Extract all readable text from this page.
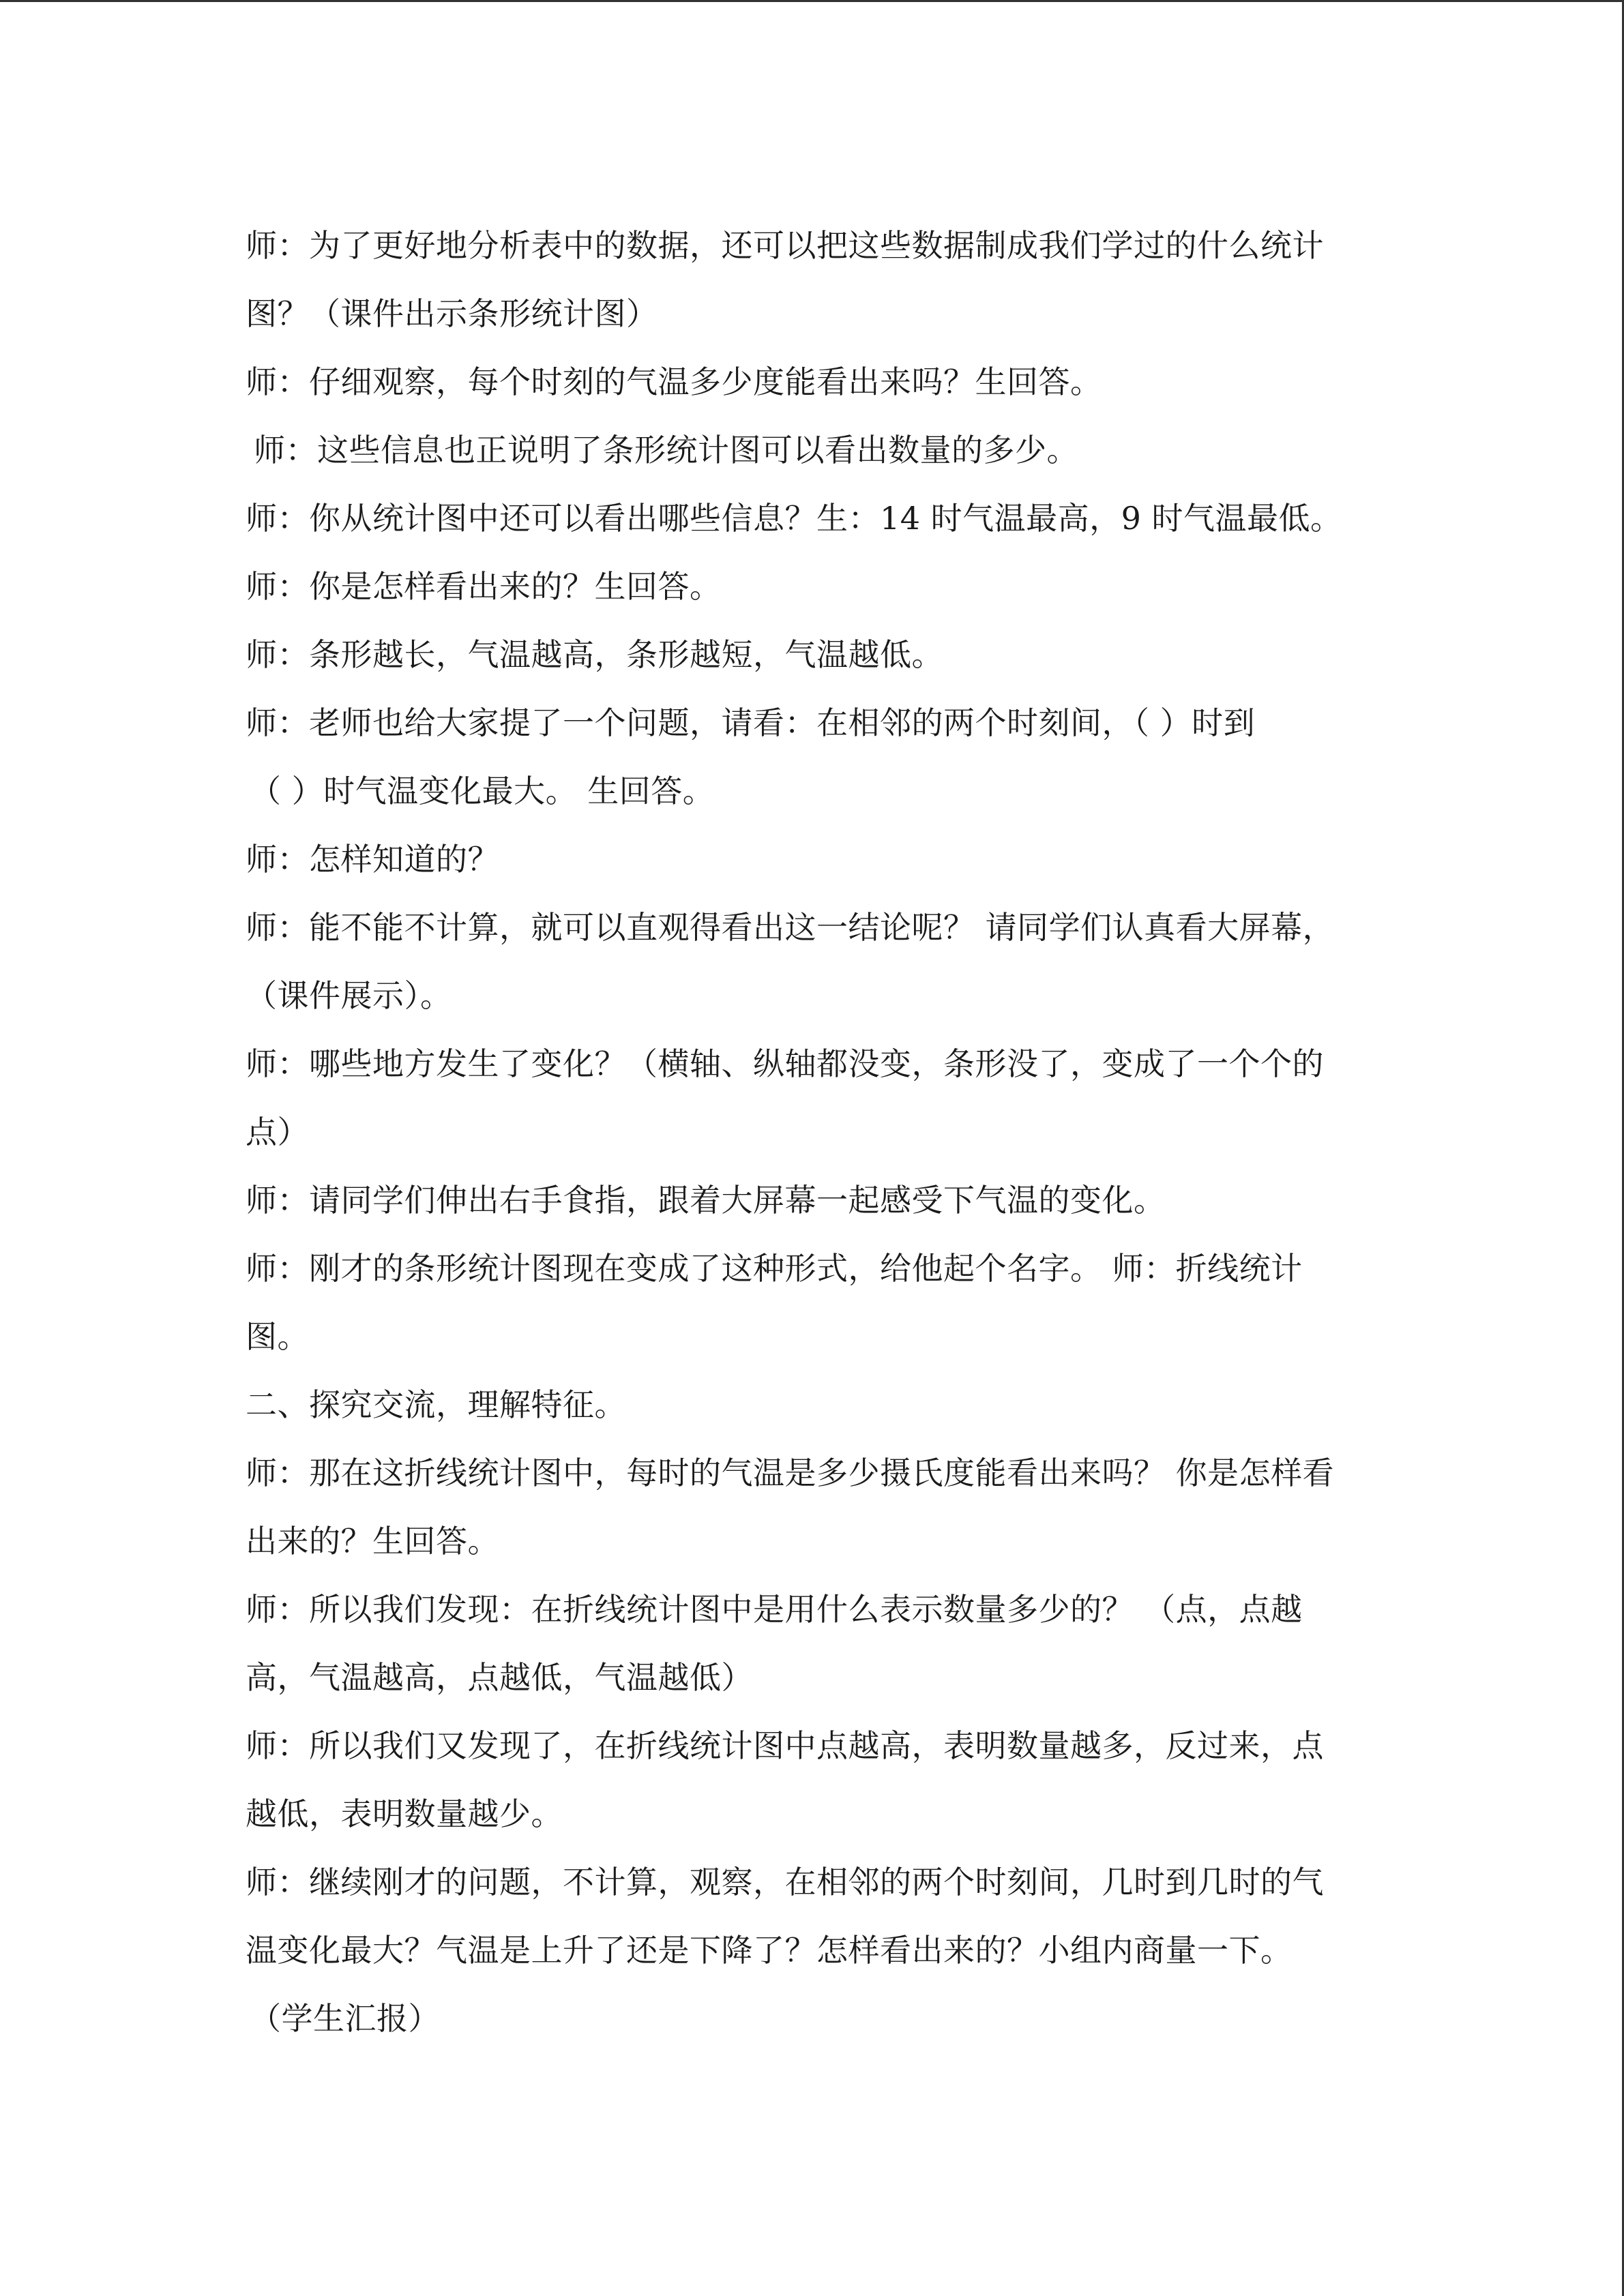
师：为了更好地分析表中的数据，还可以把这些数据制成我们学过的什么统计
图？（课件出示条形统计图）
师：仔细观察，每个时刻的气温多少度能看出来吗？生回答。
师：这些信息也正说明了条形统计图可以看出数量的多少。
师：你从统计图中还可以看出哪些信息？生：14 时气温最高，9 时气温最低。
师：你是怎样看出来的？生回答。
师：条形越长，气温越高，条形越短，气温越低。
师：老师也给大家提了一个问题，请看：在相邻的两个时刻间，（ ）时到
（ ）时气温变化最大。 生回答。
师：怎样知道的？
师：能不能不计算，就可以直观得看出这一结论呢？ 请同学们认真看大屏幕，
（课件展示）。
师：哪些地方发生了变化？（横轴、纵轴都没变，条形没了，变成了一个个的
点）
师：请同学们伸出右手食指，跟着大屏幕一起感受下气温的变化。
师：刚才的条形统计图现在变成了这种形式，给他起个名字。 师：折线统计
图。
二、探究交流，理解特征。
师：那在这折线统计图中，每时的气温是多少摄氏度能看出来吗？ 你是怎样看
出来的？生回答。
师：所以我们发现：在折线统计图中是用什么表示数量多少的？ （点，点越
高，气温越高，点越低，气温越低）
师：所以我们又发现了，在折线统计图中点越高，表明数量越多，反过来，点
越低，表明数量越少。
师：继续刚才的问题，不计算，观察，在相邻的两个时刻间，几时到几时的气
温变化最大？气温是上升了还是下降了？怎样看出来的？小组内商量一下。
（学生汇报）
